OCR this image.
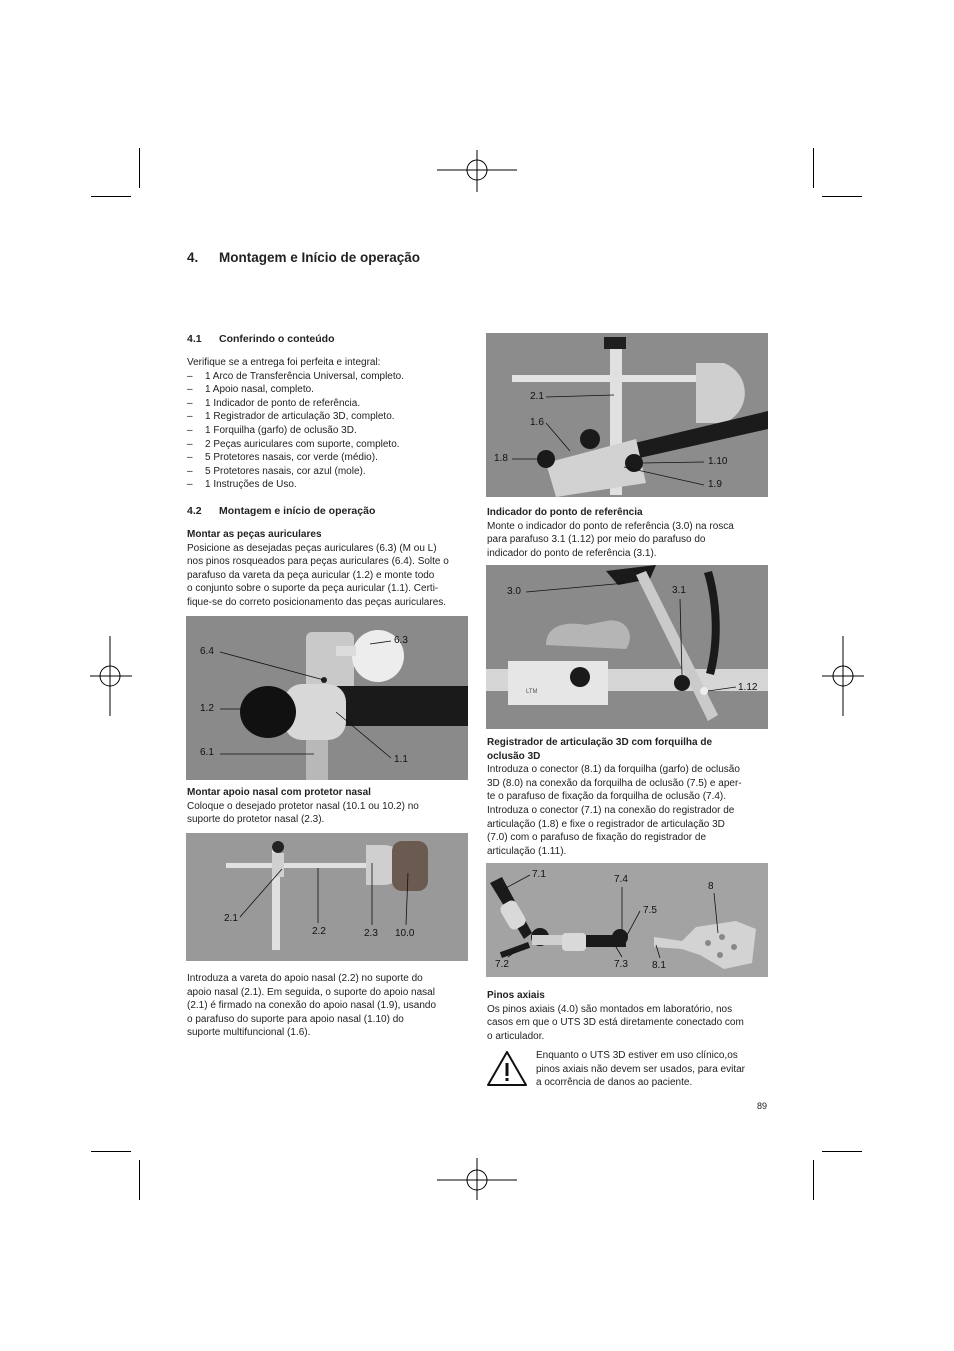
4. Montagem e Início de operação
4.1 Conferindo o conteúdo
Verifique se a entrega foi perfeita e integral:
– 1 Arco de Transferência Universal, completo.
– 1 Apoio nasal, completo.
– 1 Indicador de ponto de referência.
– 1 Registrador de articulação 3D, completo.
– 1 Forquilha (garfo) de oclusão 3D.
– 2 Peças auriculares com suporte, completo.
– 5 Protetores nasais, cor verde (médio).
– 5 Protetores nasais, cor azul (mole).
– 1 Instruções de Uso.
4.2 Montagem e início de operação
Montar as peças auriculares
Posicione as desejadas peças auriculares (6.3) (M ou L)
nos pinos rosqueados para peças auriculares (6.4). Solte o
parafuso da vareta da peça auricular (1.2) e monte todo
o conjunto sobre o suporte da peça auricular (1.1). Certi-
fique-se do correto posicionamento das peças auriculares.
6.4
6.3
1.2
6.1
1.1
Montar apoio nasal com protetor nasal
Coloque o desejado protetor nasal (10.1 ou 10.2) no
suporte do protetor nasal (2.3).
2.1
2.2	2.3 10.0
Introduza a vareta do apoio nasal (2.2) no suporte do
apoio nasal (2.1). Em seguida, o suporte do apoio nasal
(2.1) é firmado na conexão do apoio nasal (1.9), usando
o parafuso do suporte para apoio nasal (1.10) do
suporte multifuncional (1.6).
2.1
1.6
1.8	1.10
1.9
Indicador do ponto de referência
Monte o indicador do ponto de referência (3.0) na rosca
para parafuso 3.1 (1.12) por meio do parafuso do
indicador do ponto de referência (3.1).
3.0	3.1
1.12
LTM
Registrador de articulação 3D com forquilha de
oclusão 3D
Introduza o conector (8.1) da forquilha (garfo) de oclusão
3D (8.0) na conexão da forquilha de oclusão (7.5) e aper-
te o parafuso de fixação da forquilha de oclusão (7.4).
Introduza o conector (7.1) na conexão do registrador de
articulação (1.8) e fixe o registrador de articulação 3D
(7.0) com o parafuso de fixação do registrador de
articulação (1.11).
7.1	7.4
8
7.5
7.2	7.3 8.1
Pinos axiais
Os pinos axiais (4.0) são montados em laboratório, nos
casos em que o UTS 3D está diretamente conectado com
o articulador.
Enquanto o UTS 3D estiver em uso clínico,os
pinos axiais não devem ser usados, para evitar
a ocorrência de danos ao paciente.
89
